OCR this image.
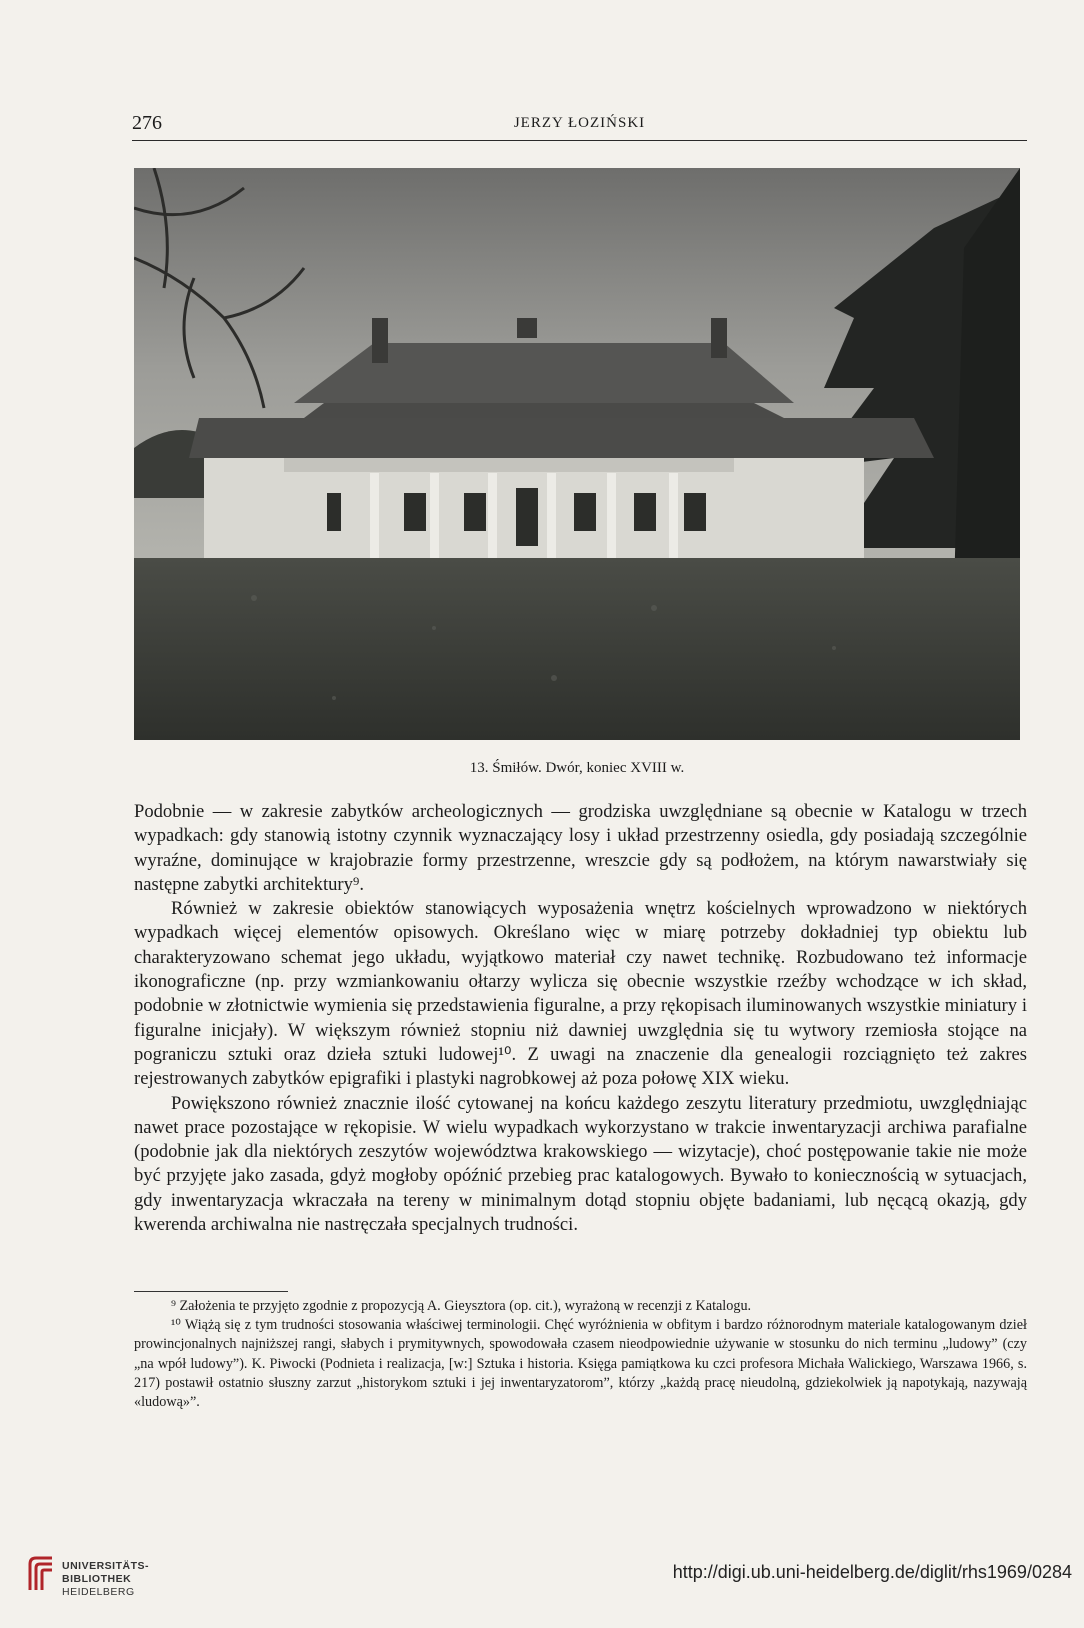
276	JERZY ŁOZIŃSKI
13. Śmiłów. Dwór, koniec XVIII w.

Podobnie — w zakresie zabytków archeologicznych — grodziska uwzględniane są obecnie w Katalogu w trzech wypadkach: gdy stanowią istotny czynnik wyznaczający losy i układ przestrzenny osiedla, gdy posiadają szczególnie wyraźne, dominujące w krajobrazie formy przestrzenne, wreszcie gdy są podłożem, na którym nawarstwiały się następne zabytki architektury⁹.

Również w zakresie obiektów stanowiących wyposażenia wnętrz kościelnych wprowadzono w niektórych wypadkach więcej elementów opisowych. Określano więc w miarę potrzeby dokładniej typ obiektu lub charakteryzowano schemat jego układu, wyjątkowo materiał czy nawet technikę. Rozbudowano też informacje ikonograficzne (np. przy wzmiankowaniu ołtarzy wylicza się obecnie wszystkie rzeźby wchodzące w ich skład, podobnie w złotnictwie wymienia się przedstawienia figuralne, a przy rękopisach iluminowanych wszystkie miniatury i figuralne inicjały). W większym również stopniu niż dawniej uwzględnia się tu wytwory rzemiosła stojące na pograniczu sztuki oraz dzieła sztuki ludowej¹⁰. Z uwagi na znaczenie dla genealogii rozciągnięto też zakres rejestrowanych zabytków epigrafiki i plastyki nagrobkowej aż poza połowę XIX wieku.

Powiększono również znacznie ilość cytowanej na końcu każdego zeszytu literatury przedmiotu, uwzględniając nawet prace pozostające w rękopisie. W wielu wypadkach wykorzystano w trakcie inwentaryzacji archiwa parafialne (podobnie jak dla niektórych zeszytów województwa krakowskiego — wizytacje), choć postępowanie takie nie może być przyjęte jako zasada, gdyż mogłoby opóźnić przebieg prac katalogowych. Bywało to koniecznością w sytuacjach, gdy inwentaryzacja wkraczała na tereny w minimalnym dotąd stopniu objęte badaniami, lub nęcącą okazją, gdy kwerenda archiwalna nie nastręczała specjalnych trudności.

⁹ Założenia te przyjęto zgodnie z propozycją A. Gieysztora (op. cit.), wyrażoną w recenzji z Katalogu.

¹⁰ Wiążą się z tym trudności stosowania właściwej terminologii. Chęć wyróżnienia w obfitym i bardzo różnorodnym materiale katalogowanym dzieł prowincjonalnych najniższej rangi, słabych i prymitywnych, spowodowała czasem nieodpowiednie używanie w stosunku do nich terminu „ludowy” (czy „na wpół ludowy”). K. Piwocki (Podnieta i realizacja, [w:] Sztuka i historia. Księga pamiątkowa ku czci profesora Michała Walickiego, Warszawa 1966, s. 217) postawił ostatnio słuszny zarzut „historykom sztuki i jej inwentaryzatorom”, którzy „każdą pracę nieudolną, gdziekolwiek ją napotykają, nazywają «ludową»”.

UNIVERSITÄTS-
BIBLIOTHEK
HEIDELBERG
http://digi.ub.uni-heidelberg.de/diglit/rhs1969/0284
